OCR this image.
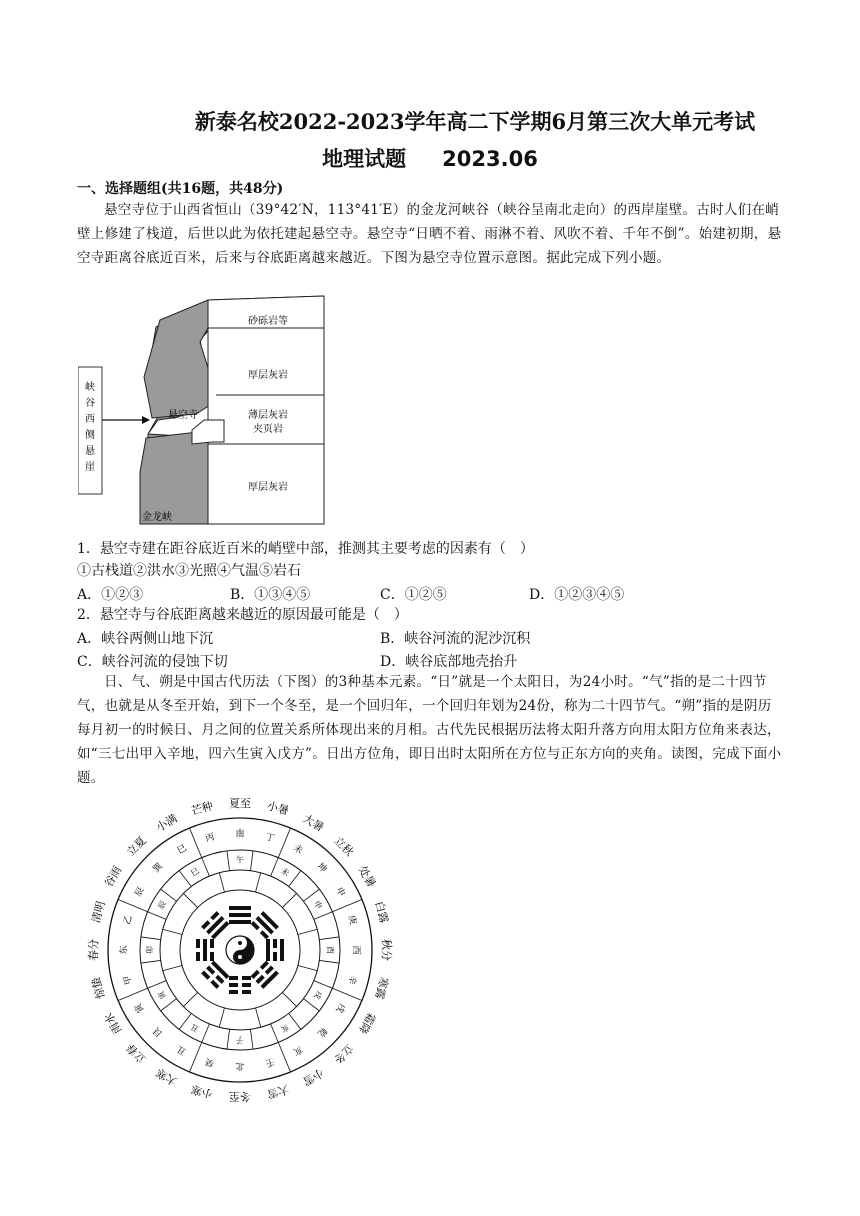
新泰名校2022-2023学年高二下学期6月第三次大单元考试
地理试题 2023.06
一、选择题组(共16题，共48分)
悬空寺位于山西省恒山（39°42′N，113°41′E）的金龙河峡谷（峡谷呈南北走向）的西岸崖壁。古时人们在峭壁上修建了栈道，后世以此为依托建起悬空寺。悬空寺“日晒不着、雨淋不着、风吹不着、千年不倒”。始建初期，悬空寺距离谷底近百米，后来与谷底距离越来越近。下图为悬空寺位置示意图。据此完成下列小题。
峡谷西侧悬崖
砂砾岩等
厚层灰岩
薄层灰岩
夹页岩
厚层灰岩
悬空寺
金龙峡
1．悬空寺建在距谷底近百米的峭壁中部，推测其主要考虑的因素有（　）
①古栈道②洪水③光照④气温⑤岩石
A．①②③	B．①③④⑤	C．①②⑤	D．①②③④⑤
2．悬空寺与谷底距离越来越近的原因最可能是（　）
A．峡谷两侧山地下沉	B．峡谷河流的泥沙沉积
C．峡谷河流的侵蚀下切	D．峡谷底部地壳抬升
日、气、朔是中国古代历法（下图）的3种基本元素。“日”就是一个太阳日，为24小时。“气”指的是二十四节气，也就是从冬至开始，到下一个冬至，是一个回归年，一个回归年划为24份，称为二十四节气。“朔”指的是阴历每月初一的时候日、月之间的位置关系所体现出来的月相。古代先民根据历法将太阳升落方向用太阳方位角来表达，如“三七出甲入辛地，四六生寅入戊方”。日出方位角，即日出时太阳所在方位与正东方向的夹角。读图，完成下面小题。
夏至 小暑
大暑
立秋
处暑
白露
秋分
寒露
霜降
立冬
小雪
大雪
冬至
小寒
大寒
立春
雨水
惊蛰
春分
清明
谷雨
立夏
小满
芒种
南 丁
未
坤
申
庚
西
辛
戌
乾
亥
壬
北
癸
丑
艮
寅
甲
东
乙
辰
巽
巳
丙
午
未
申
酉
戌
亥
子
丑
寅
卯
辰
巳
